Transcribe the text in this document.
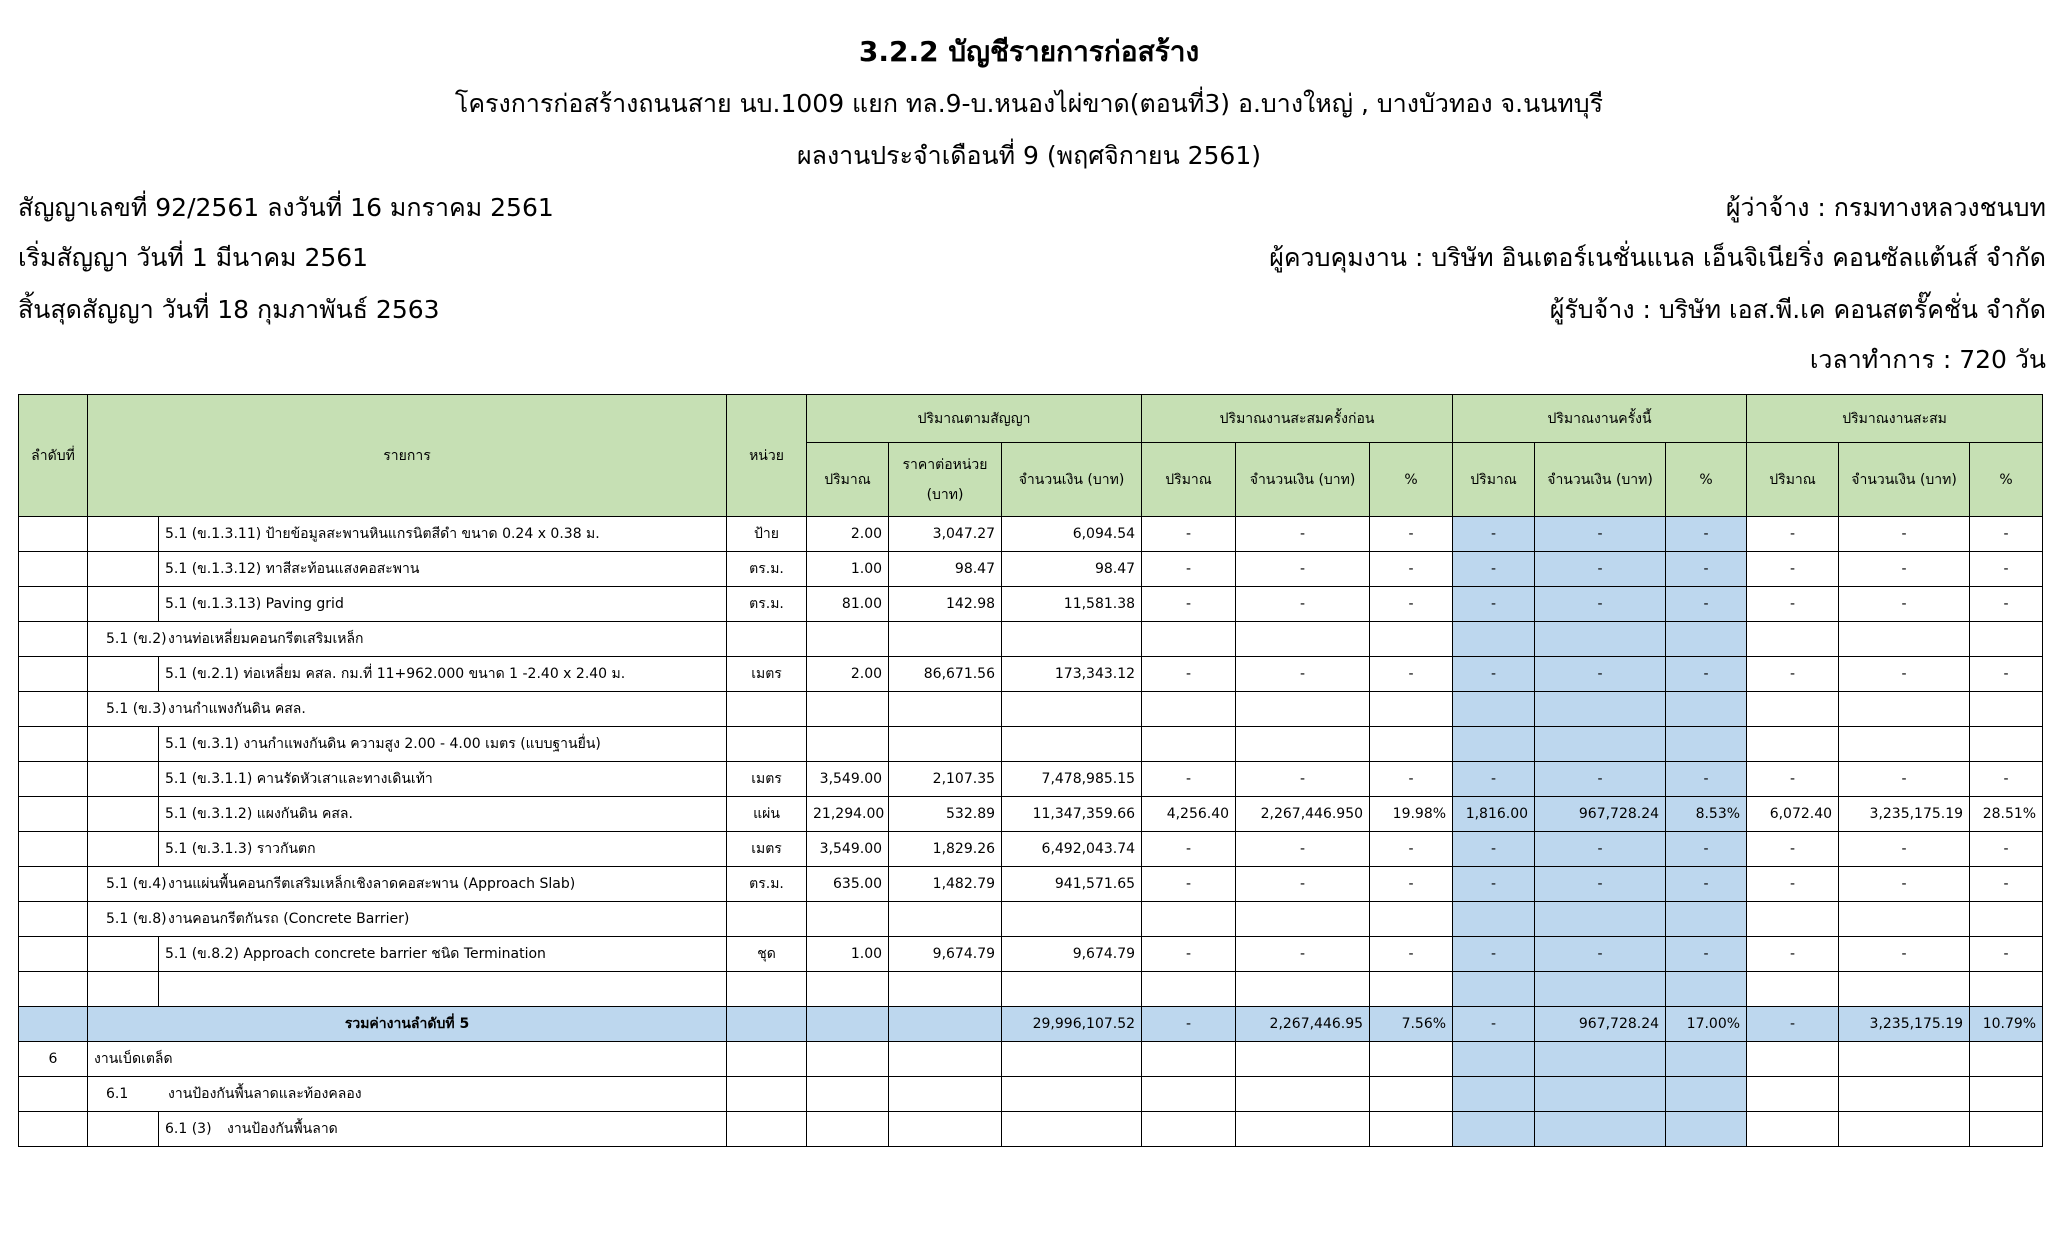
3.2.2 บัญชีรายการก่อสร้าง
โครงการก่อสร้างถนนสาย นบ.1009 แยก ทล.9-บ.หนองไผ่ขาด(ตอนที่3) อ.บางใหญ่ , บางบัวทอง จ.นนทบุรี
ผลงานประจำเดือนที่ 9 (พฤศจิกายน 2561)
สัญญาเลขที่ 92/2561 ลงวันที่ 16 มกราคม 2561
เริ่มสัญญา วันที่ 1 มีนาคม 2561
สิ้นสุดสัญญา วันที่ 18 กุมภาพันธ์ 2563
ผู้ว่าจ้าง : กรมทางหลวงชนบท
ผู้ควบคุมงาน : บริษัท อินเตอร์เนชั่นแนล เอ็นจิเนียริ่ง คอนซัลแต้นส์ จำกัด
ผู้รับจ้าง : บริษัท เอส.พี.เค คอนสตรั๊คชั่น จำกัด
เวลาทำการ : 720 วัน
ลำดับที่	รายการ		หน่วย	ปริมาณตามสัญญา			ปริมาณงานสะสมครั้งก่อน			ปริมาณงานครั้งนี้			ปริมาณงานสะสม		
				ปริมาณ	ราคาต่อหน่วย (บาท)	จำนวนเงิน (บาท)	ปริมาณ	จำนวนเงิน (บาท)	%	ปริมาณ	จำนวนเงิน (บาท)	%	ปริมาณ	จำนวนเงิน (บาท)	%
		5.1 (ข.1.3.11) ป้ายข้อมูลสะพานหินแกรนิตสีดำ ขนาด 0.24 x 0.38 ม.	ป้าย	2.00	3,047.27	6,094.54	-	-	-	-	-	-	-	-	-
		5.1 (ข.1.3.12) ทาสีสะท้อนแสงคอสะพาน	ตร.ม.	1.00	98.47	98.47	-	-	-	-	-	-	-	-	-
		5.1 (ข.1.3.13) Paving grid	ตร.ม.	81.00	142.98	11,581.38	-	-	-	-	-	-	-	-	-
	5.1 (ข.2)งานท่อเหลี่ยมคอนกรีตเสริมเหล็ก														
		5.1 (ข.2.1) ท่อเหลี่ยม คสล. กม.ที่ 11+962.000 ขนาด 1 -2.40 x 2.40 ม.	เมตร	2.00	86,671.56	173,343.12	-	-	-	-	-	-	-	-	-
	5.1 (ข.3)งานกำแพงกันดิน คสล.														
		5.1 (ข.3.1) งานกำแพงกันดิน ความสูง 2.00 - 4.00 เมตร (แบบฐานยื่น)													
		5.1 (ข.3.1.1) คานรัดหัวเสาและทางเดินเท้า	เมตร	3,549.00	2,107.35	7,478,985.15	-	-	-	-	-	-	-	-	-
		5.1 (ข.3.1.2) แผงกันดิน คสล.	แผ่น	21,294.00	532.89	11,347,359.66	4,256.40	2,267,446.950	19.98%	1,816.00	967,728.24	8.53%	6,072.40	3,235,175.19	28.51%
		5.1 (ข.3.1.3) ราวกันตก	เมตร	3,549.00	1,829.26	6,492,043.74	-	-	-	-	-	-	-	-	-
	5.1 (ข.4)งานแผ่นพื้นคอนกรีตเสริมเหล็กเชิงลาดคอสะพาน (Approach Slab)		ตร.ม.	635.00	1,482.79	941,571.65	-	-	-	-	-	-	-	-	-
	5.1 (ข.8)งานคอนกรีตกันรถ (Concrete Barrier)														
		5.1 (ข.8.2) Approach concrete barrier ชนิด Termination	ชุด	1.00	9,674.79	9,674.79	-	-	-	-	-	-	-	-	-

	รวมค่างานลำดับที่ 5					29,996,107.52	-	2,267,446.95	7.56%	-	967,728.24	17.00%	-	3,235,175.19	10.79%
6	งานเบ็ดเตล็ด														
	6.1 งานป้องกันพื้นลาดและท้องคลอง														
		6.1 (3) งานป้องกันพื้นลาด													
